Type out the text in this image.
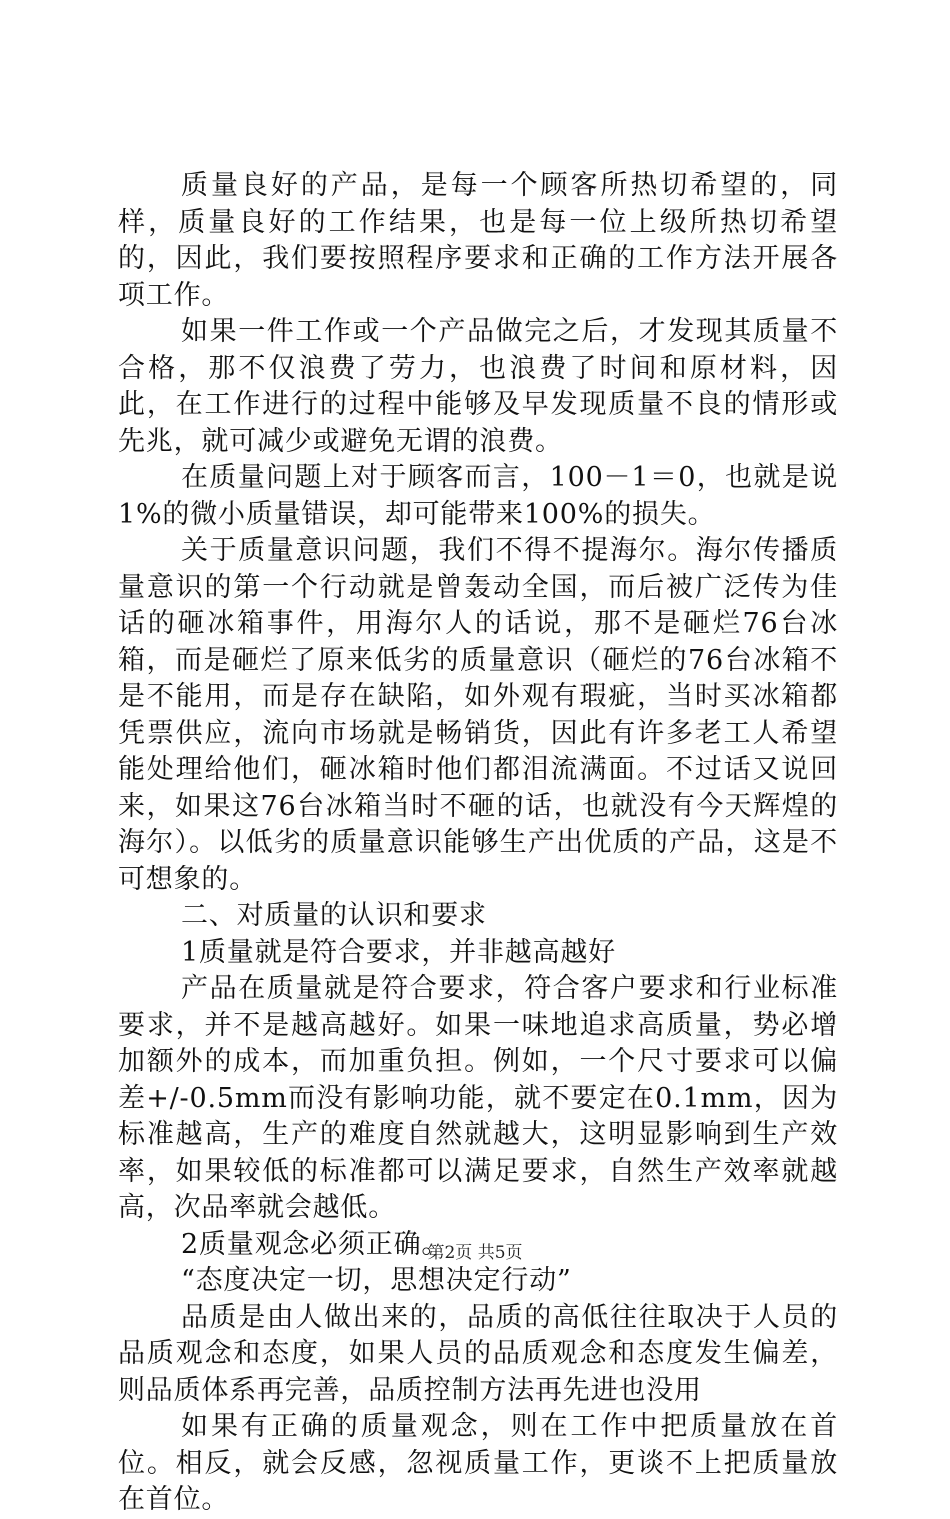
质量良好的产品，是每一个顾客所热切希望的，同样，质量良好的工作结果，也是每一位上级所热切希望的，因此，我们要按照程序要求和正确的工作方法开展各项工作。

如果一件工作或一个产品做完之后，才发现其质量不合格，那不仅浪费了劳力，也浪费了时间和原材料，因此，在工作进行的过程中能够及早发现质量不良的情形或先兆，就可减少或避免无谓的浪费。

在质量问题上对于顾客而言，100－1＝0，也就是说1%的微小质量错误，却可能带来100%的损失。

关于质量意识问题，我们不得不提海尔。海尔传播质量意识的第一个行动就是曾轰动全国，而后被广泛传为佳话的砸冰箱事件，用海尔人的话说，那不是砸烂76台冰箱，而是砸烂了原来低劣的质量意识（砸烂的76台冰箱不是不能用，而是存在缺陷，如外观有瑕疵，当时买冰箱都凭票供应，流向市场就是畅销货，因此有许多老工人希望能处理给他们，砸冰箱时他们都泪流满面。不过话又说回来，如果这76台冰箱当时不砸的话，也就没有今天辉煌的海尔）。以低劣的质量意识能够生产出优质的产品，这是不可想象的。

二、对质量的认识和要求

1质量就是符合要求，并非越高越好

产品在质量就是符合要求，符合客户要求和行业标准要求，并不是越高越好。如果一味地追求高质量，势必增加额外的成本，而加重负担。例如，一个尺寸要求可以偏差+/-0.5mm而没有影响功能，就不要定在0.1mm，因为标准越高，生产的难度自然就越大，这明显影响到生产效率，如果较低的标准都可以满足要求，自然生产效率就越高，次品率就会越低。

2质量观念必须正确。

“态度决定一切，思想决定行动”

品质是由人做出来的，品质的高低往往取决于人员的品质观念和态度，如果人员的品质观念和态度发生偏差，则品质体系再完善，品质控制方法再先进也没用

如果有正确的质量观念，则在工作中把质量放在首位。相反，就会反感，忽视质量工作，更谈不上把质量放在首位。

第2页 共5页
